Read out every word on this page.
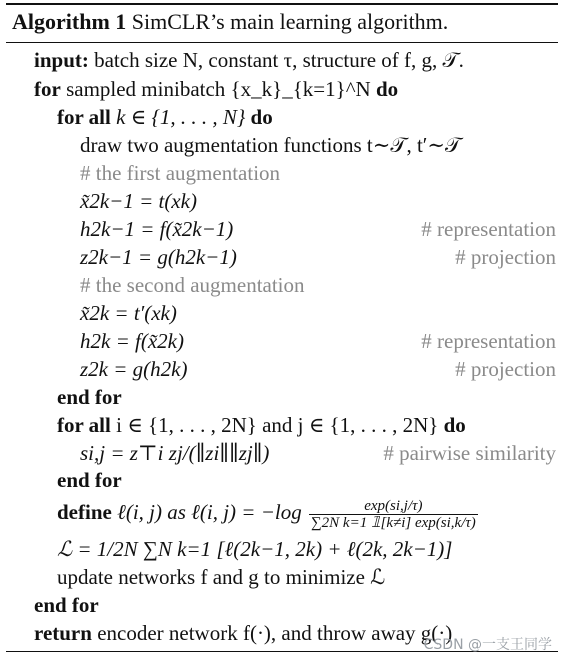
Algorithm 1 SimCLR’s main learning algorithm.
input: batch size N, constant τ, structure of f, g, 𝒯.
for sampled minibatch {x_k}_{k=1}^N do
for all k ∈ {1, . . . , N} do
draw two augmentation functions t∼𝒯, t′∼𝒯
# the first augmentation
x̃2k−1 = t(xk)
h2k−1 = f(x̃2k−1)	# representation
z2k−1 = g(h2k−1)	# projection
# the second augmentation
x̃2k = t′(xk)
h2k = f(x̃2k)	# representation
z2k = g(h2k)	# projection
end for
for all i ∈ {1, . . . , 2N} and j ∈ {1, . . . , 2N} do
si,j = z⊤i zj/(∥zi∥∥zj∥)	# pairwise similarity
end for
define ℓ(i, j) as ℓ(i, $j) = -\log \frac{\exp(si,j/\tau)}{\text{∑2N k=1 𝟙[k≠i] exp(si,k/τ)}}$
ℒ = 1/2N ∑N k=1 [ℓ(2k−1, 2k) + ℓ(2k, 2k−1)]
update networks f and g to minimize ℒ
end for
return encoder network f(·), and throw away g(·)
CSDN @一支王同学
